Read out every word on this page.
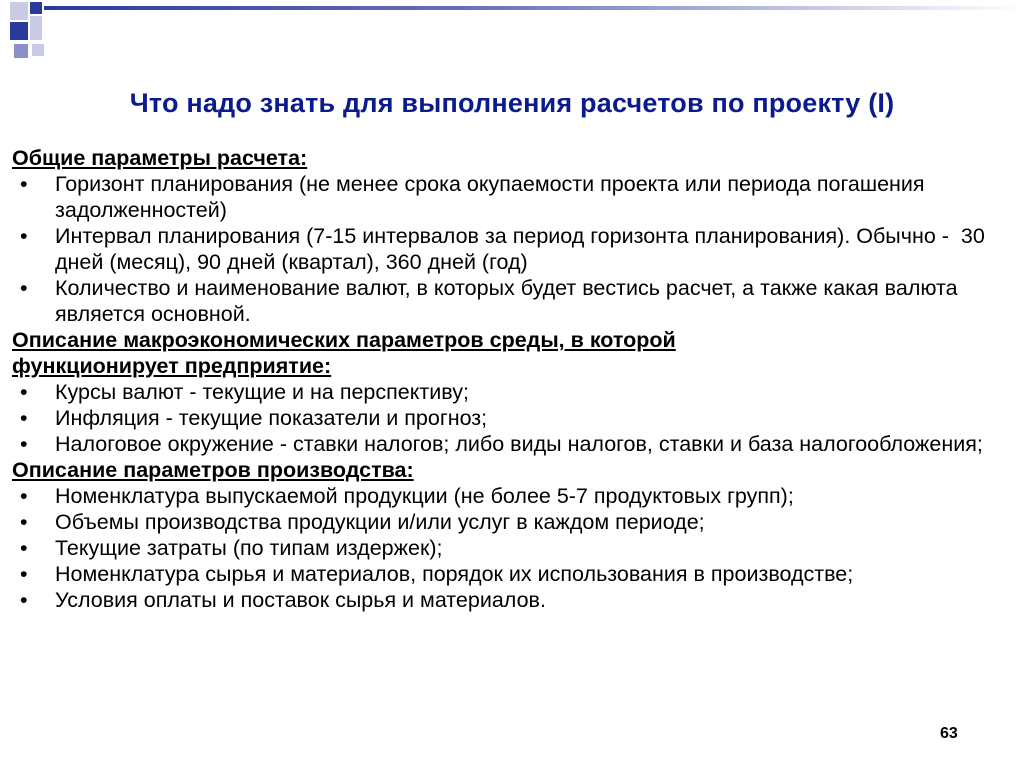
Что надо знать для выполнения расчетов по проекту (I)

Общие параметры расчета:

• Горизонт планирования (не менее срока окупаемости проекта или периода погашения задолженностей)
• Интервал планирования (7-15 интервалов за период горизонта планирования). Обычно -  30 дней (месяц), 90 дней (квартал), 360 дней (год)
• Количество и наименование валют, в которых будет вестись расчет, а также какая валюта является основной.

Описание макроэкономических параметров среды, в которой функционирует предприятие:

• Курсы валют - текущие и на перспективу;
• Инфляция - текущие показатели и прогноз;
• Налоговое окружение - ставки налогов; либо виды налогов, ставки и база налогообложения;

Описание параметров производства:

• Номенклатура выпускаемой продукции (не более 5-7 продуктовых групп);
• Объемы производства продукции и/или услуг в каждом периоде;
• Текущие затраты (по типам издержек);
• Номенклатура сырья и материалов, порядок их использования в производстве;
• Условия оплаты и поставок сырья и материалов.
63
